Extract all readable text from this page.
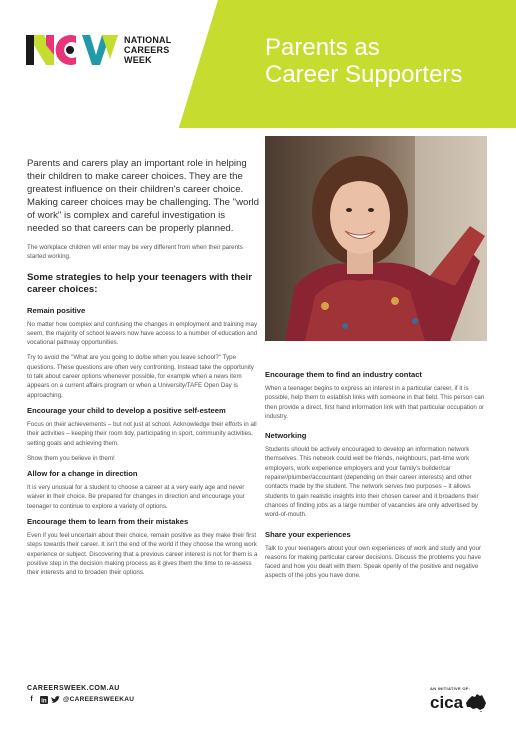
NATIONAL
CAREERS
WEEK	Parents as
Career Supporters

Parents and carers play an important role in helping their children to make career choices. They are the greatest influence on their children's career choice. Making career choices may be challenging. The "world of work" is complex and careful investigation is needed so that careers can be properly planned.

The workplace children will enter may be very different from when their parents started working.

Some strategies to help your teenagers with their career choices:
Remain positive

No matter how complex and confusing the changes in employment and training may seem, the majority of school leavers now have access to a number of education and vocational pathway opportunities.

Try to avoid the "What are you going to do/be when you leave school?" Type questions. These questions are often very confronting. Instead take the opportunity to talk about career options whenever possible, for example when a news item appears on a current affairs program or when a University/TAFE Open Day is approaching.

Encourage your child to develop a positive self-esteem

Focus on their achievements – but not just at school. Acknowledge their efforts in all their activities – keeping their room tidy, participating in sport, community activities, setting goals and achieving them.

Show them you believe in them!

Allow for a change in direction

It is very unusual for a student to choose a career at a very early age and never waiver in their choice. Be prepared for changes in direction and encourage your teenager to continue to explore a variety of options.

Encourage them to learn from their mistakes

Even if you feel uncertain about their choice, remain positive as they make their first steps towards their career. It isn't the end of the world if they choose the wrong work experience or subject. Discovering that a previous career interest is not for them is a positive step in the decision making process as it gives them the time to re-assess their interests and to broaden their options.

Encourage them to find an industry contact

When a teenager begins to express an interest in a particular career, if it is possible, help them to establish links with someone in that field. This person can then provide a direct, first hand information link with that particular occupation or industry.

Networking

Students should be actively encouraged to develop an information network themselves. This network could well be friends, neighbours, part-time work employers, work experience employers and your family's builder/car repairer/plumber/accountant (depending on their career interests) and other contacts made by the student. The network serves two purposes – it allows students to gain realistic insights into their chosen career and it broadens their chances of finding jobs as a large number of vacancies are only advertised by word-of-mouth.

Share your experiences

Talk to your teenagers about your own experiences of work and study and your reasons for making particular career decisions. Discuss the problems you have faced and how you dealt with them. Speak openly of the positive and negative aspects of the jobs you have done.

CAREERSWEEK.COM.AU
f	in	@CAREERSWEEKAU
AN INITIATIVE OF:
cica
